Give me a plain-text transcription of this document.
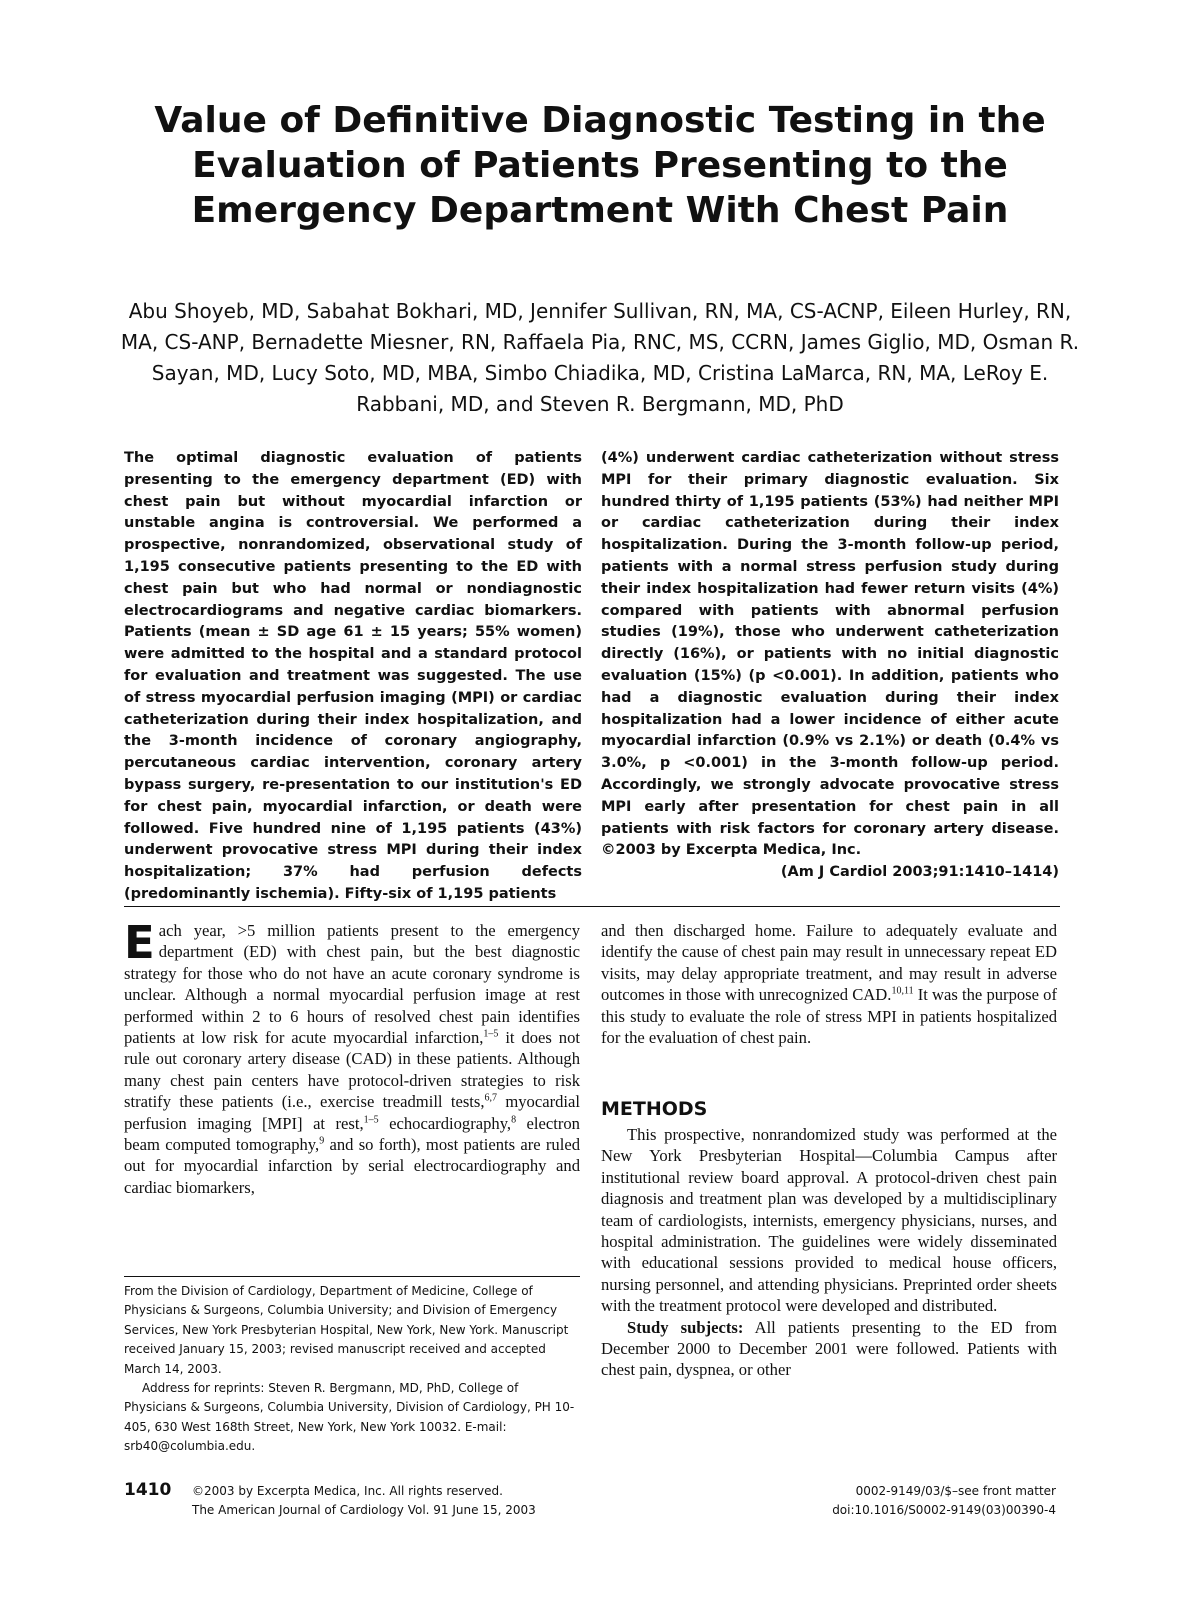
Value of Definitive Diagnostic Testing in the Evaluation of Patients Presenting to the Emergency Department With Chest Pain

Abu Shoyeb, MD, Sabahat Bokhari, MD, Jennifer Sullivan, RN, MA, CS-ACNP, Eileen Hurley, RN, MA, CS-ANP, Bernadette Miesner, RN, Raffaela Pia, RNC, MS, CCRN, James Giglio, MD, Osman R. Sayan, MD, Lucy Soto, MD, MBA, Simbo Chiadika, MD, Cristina LaMarca, RN, MA, LeRoy E. Rabbani, MD, and Steven R. Bergmann, MD, PhD

The optimal diagnostic evaluation of patients presenting to the emergency department (ED) with chest pain but without myocardial infarction or unstable angina is controversial. We performed a prospective, nonrandomized, observational study of 1,195 consecutive patients presenting to the ED with chest pain but who had normal or nondiagnostic electrocardiograms and negative cardiac biomarkers. Patients (mean ± SD age 61 ± 15 years; 55% women) were admitted to the hospital and a standard protocol for evaluation and treatment was suggested. The use of stress myocardial perfusion imaging (MPI) or cardiac catheterization during their index hospitalization, and the 3-month incidence of coronary angiography, percutaneous cardiac intervention, coronary artery bypass surgery, re-presentation to our institution's ED for chest pain, myocardial infarction, or death were followed. Five hundred nine of 1,195 patients (43%) underwent provocative stress MPI during their index hospitalization; 37% had perfusion defects (predominantly ischemia). Fifty-six of 1,195 patients

(4%) underwent cardiac catheterization without stress MPI for their primary diagnostic evaluation. Six hundred thirty of 1,195 patients (53%) had neither MPI or cardiac catheterization during their index hospitalization. During the 3-month follow-up period, patients with a normal stress perfusion study during their index hospitalization had fewer return visits (4%) compared with patients with abnormal perfusion studies (19%), those who underwent catheterization directly (16%), or patients with no initial diagnostic evaluation (15%) (p <0.001). In addition, patients who had a diagnostic evaluation during their index hospitalization had a lower incidence of either acute myocardial infarction (0.9% vs 2.1%) or death (0.4% vs 3.0%, p <0.001) in the 3-month follow-up period. Accordingly, we strongly advocate provocative stress MPI early after presentation for chest pain in all patients with risk factors for coronary artery disease. ©2003 by Excerpta Medica, Inc.
(Am J Cardiol 2003;91:1410–1414)

Each year, >5 million patients present to the emergency department (ED) with chest pain, but the best diagnostic strategy for those who do not have an acute coronary syndrome is unclear. Although a normal myocardial perfusion image at rest performed within 2 to 6 hours of resolved chest pain identifies patients at low risk for acute myocardial infarction,$^{1-5}$ it does not rule out coronary artery disease (CAD) in these patients. Although many chest pain centers have protocol-driven strategies to risk stratify these patients (i.e., exercise treadmill tests,$^{6,7}$ myocardial perfusion imaging [MPI] at rest,$^{1-5}$ echocardiography,$^8$ electron beam computed tomography,$^9$ and so forth), most patients are ruled out for myocardial infarction by serial electrocardiography and cardiac biomarkers,

and then discharged home. Failure to adequately evaluate and identify the cause of chest pain may result in unnecessary repeat ED visits, may delay appropriate treatment, and may result in adverse outcomes in those with unrecognized CAD.$^{10,11}$ It was the purpose of this study to evaluate the role of stress MPI in patients hospitalized for the evaluation of chest pain.

METHODS

This prospective, nonrandomized study was performed at the New York Presbyterian Hospital—Columbia Campus after institutional review board approval. A protocol-driven chest pain diagnosis and treatment plan was developed by a multidisciplinary team of cardiologists, internists, emergency physicians, nurses, and hospital administration. The guidelines were widely disseminated with educational sessions provided to medical house officers, nursing personnel, and attending physicians. Preprinted order sheets with the treatment protocol were developed and distributed.

Study subjects: All patients presenting to the ED from December 2000 to December 2001 were followed. Patients with chest pain, dyspnea, or other

From the Division of Cardiology, Department of Medicine, College of Physicians & Surgeons, Columbia University; and Division of Emergency Services, New York Presbyterian Hospital, New York, New York. Manuscript received January 15, 2003; revised manuscript received and accepted March 14, 2003.

Address for reprints: Steven R. Bergmann, MD, PhD, College of Physicians & Surgeons, Columbia University, Division of Cardiology, PH 10-405, 630 West 168th Street, New York, New York 10032. E-mail: srb40@columbia.edu.

1410 ©2003 by Excerpta Medica, Inc. All rights reserved.
The American Journal of Cardiology Vol. 91 June 15, 2003

0002-9149/03/$–see front matter
doi:10.1016/S0002-9149(03)00390-4
